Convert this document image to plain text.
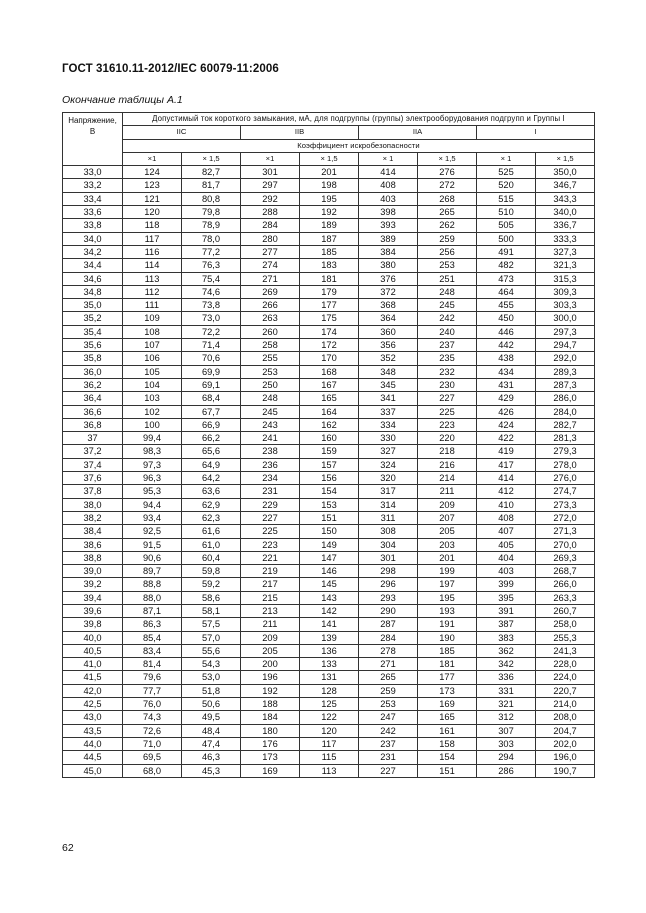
ГОСТ 31610.11-2012/IEC 60079-11:2006
Окончание таблицы А.1
Напряжение, В	Допустимый ток короткого замыкания, мА, для подгруппы (группы) электрооборудования подгрупп и Группы I							
	IIС		IIВ		IIА		I	
	Коэффициент искробезопасности							
	×1	× 1,5	×1	× 1,5	× 1	× 1,5	× 1	× 1,5
33,0	124	82,7	301	201	414	276	525	350,0
33,2	123	81,7	297	198	408	272	520	346,7
33,4	121	80,8	292	195	403	268	515	343,3
33,6	120	79,8	288	192	398	265	510	340,0
33,8	118	78,9	284	189	393	262	505	336,7
34,0	117	78,0	280	187	389	259	500	333,3
34,2	116	77,2	277	185	384	256	491	327,3
34,4	114	76,3	274	183	380	253	482	321,3
34,6	113	75,4	271	181	376	251	473	315,3
34,8	112	74,6	269	179	372	248	464	309,3
35,0	111	73,8	266	177	368	245	455	303,3
35,2	109	73,0	263	175	364	242	450	300,0
35,4	108	72,2	260	174	360	240	446	297,3
35,6	107	71,4	258	172	356	237	442	294,7
35,8	106	70,6	255	170	352	235	438	292,0
36,0	105	69,9	253	168	348	232	434	289,3
36,2	104	69,1	250	167	345	230	431	287,3
36,4	103	68,4	248	165	341	227	429	286,0
36,6	102	67,7	245	164	337	225	426	284,0
36,8	100	66,9	243	162	334	223	424	282,7
37	99,4	66,2	241	160	330	220	422	281,3
37,2	98,3	65,6	238	159	327	218	419	279,3
37,4	97,3	64,9	236	157	324	216	417	278,0
37,6	96,3	64,2	234	156	320	214	414	276,0
37,8	95,3	63,6	231	154	317	211	412	274,7
38,0	94,4	62,9	229	153	314	209	410	273,3
38,2	93,4	62,3	227	151	311	207	408	272,0
38,4	92,5	61,6	225	150	308	205	407	271,3
38,6	91,5	61,0	223	149	304	203	405	270,0
38,8	90,6	60,4	221	147	301	201	404	269,3
39,0	89,7	59,8	219	146	298	199	403	268,7
39,2	88,8	59,2	217	145	296	197	399	266,0
39,4	88,0	58,6	215	143	293	195	395	263,3
39,6	87,1	58,1	213	142	290	193	391	260,7
39,8	86,3	57,5	211	141	287	191	387	258,0
40,0	85,4	57,0	209	139	284	190	383	255,3
40,5	83,4	55,6	205	136	278	185	362	241,3
41,0	81,4	54,3	200	133	271	181	342	228,0
41,5	79,6	53,0	196	131	265	177	336	224,0
42,0	77,7	51,8	192	128	259	173	331	220,7
42,5	76,0	50,6	188	125	253	169	321	214,0
43,0	74,3	49,5	184	122	247	165	312	208,0
43,5	72,6	48,4	180	120	242	161	307	204,7
44,0	71,0	47,4	176	117	237	158	303	202,0
44,5	69,5	46,3	173	115	231	154	294	196,0
45,0	68,0	45,3	169	113	227	151	286	190,7
62
